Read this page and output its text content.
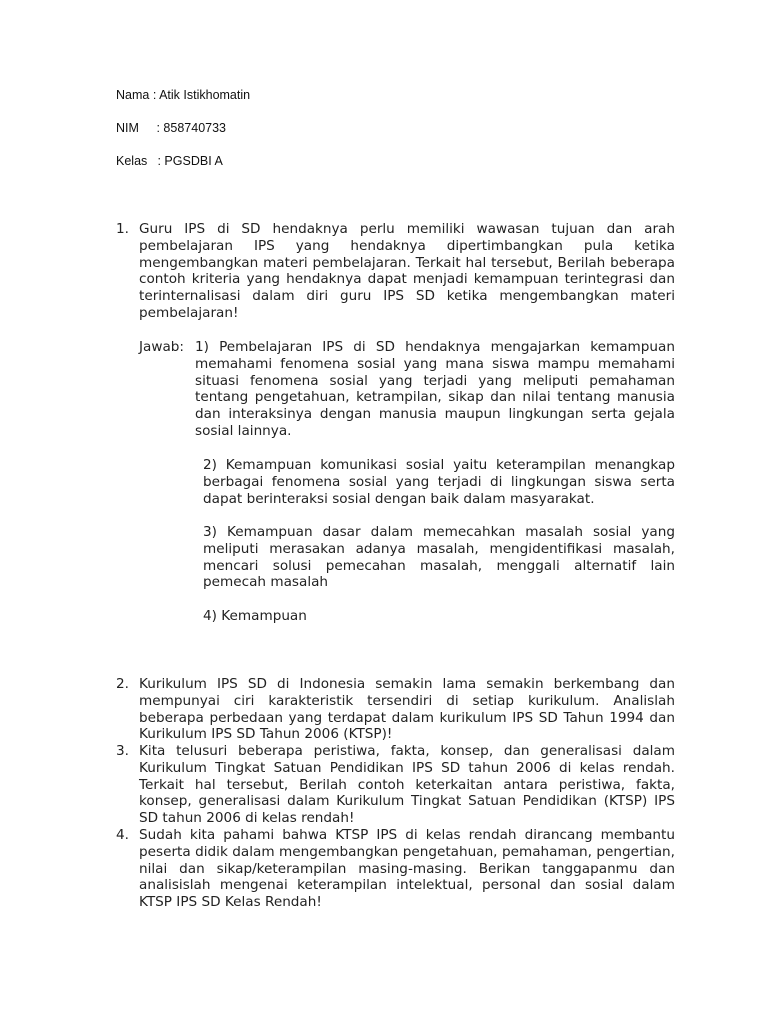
Nama : Atik Istikhomatin
NIM : 858740733
Kelas : PGSDBI A
1. Guru IPS di SD hendaknya perlu memiliki wawasan tujuan dan arah pembelajaran IPS yang hendaknya dipertimbangkan pula ketika mengembangkan materi pembelajaran. Terkait hal tersebut, Berilah beberapa contoh kriteria yang hendaknya dapat menjadi kemampuan terintegrasi dan terinternalisasi dalam diri guru IPS SD ketika mengembangkan materi pembelajaran!
Jawab: 1) Pembelajaran IPS di SD hendaknya mengajarkan kemampuan memahami fenomena sosial yang mana siswa mampu memahami situasi fenomena sosial yang terjadi yang meliputi pemahaman tentang pengetahuan, ketrampilan, sikap dan nilai tentang manusia dan interaksinya dengan manusia maupun lingkungan serta gejala sosial lainnya.
2) Kemampuan komunikasi sosial yaitu keterampilan menangkap berbagai fenomena sosial yang terjadi di lingkungan siswa serta dapat berinteraksi sosial dengan baik dalam masyarakat.
3) Kemampuan dasar dalam memecahkan masalah sosial yang meliputi merasakan adanya masalah, mengidentifikasi masalah, mencari solusi pemecahan masalah, menggali alternatif lain pemecah masalah
4) Kemampuan
2. Kurikulum IPS SD di Indonesia semakin lama semakin berkembang dan mempunyai ciri karakteristik tersendiri di setiap kurikulum. Analislah beberapa perbedaan yang terdapat dalam kurikulum IPS SD Tahun 1994 dan Kurikulum IPS SD Tahun 2006 (KTSP)!
3. Kita telusuri beberapa peristiwa, fakta, konsep, dan generalisasi dalam Kurikulum Tingkat Satuan Pendidikan IPS SD tahun 2006 di kelas rendah. Terkait hal tersebut, Berilah contoh keterkaitan antara peristiwa, fakta, konsep, generalisasi dalam Kurikulum Tingkat Satuan Pendidikan (KTSP) IPS SD tahun 2006 di kelas rendah!
4. Sudah kita pahami bahwa KTSP IPS di kelas rendah dirancang membantu peserta didik dalam mengembangkan pengetahuan, pemahaman, pengertian, nilai dan sikap/keterampilan masing-masing. Berikan tanggapanmu dan analisislah mengenai keterampilan intelektual, personal dan sosial dalam KTSP IPS SD Kelas Rendah!
